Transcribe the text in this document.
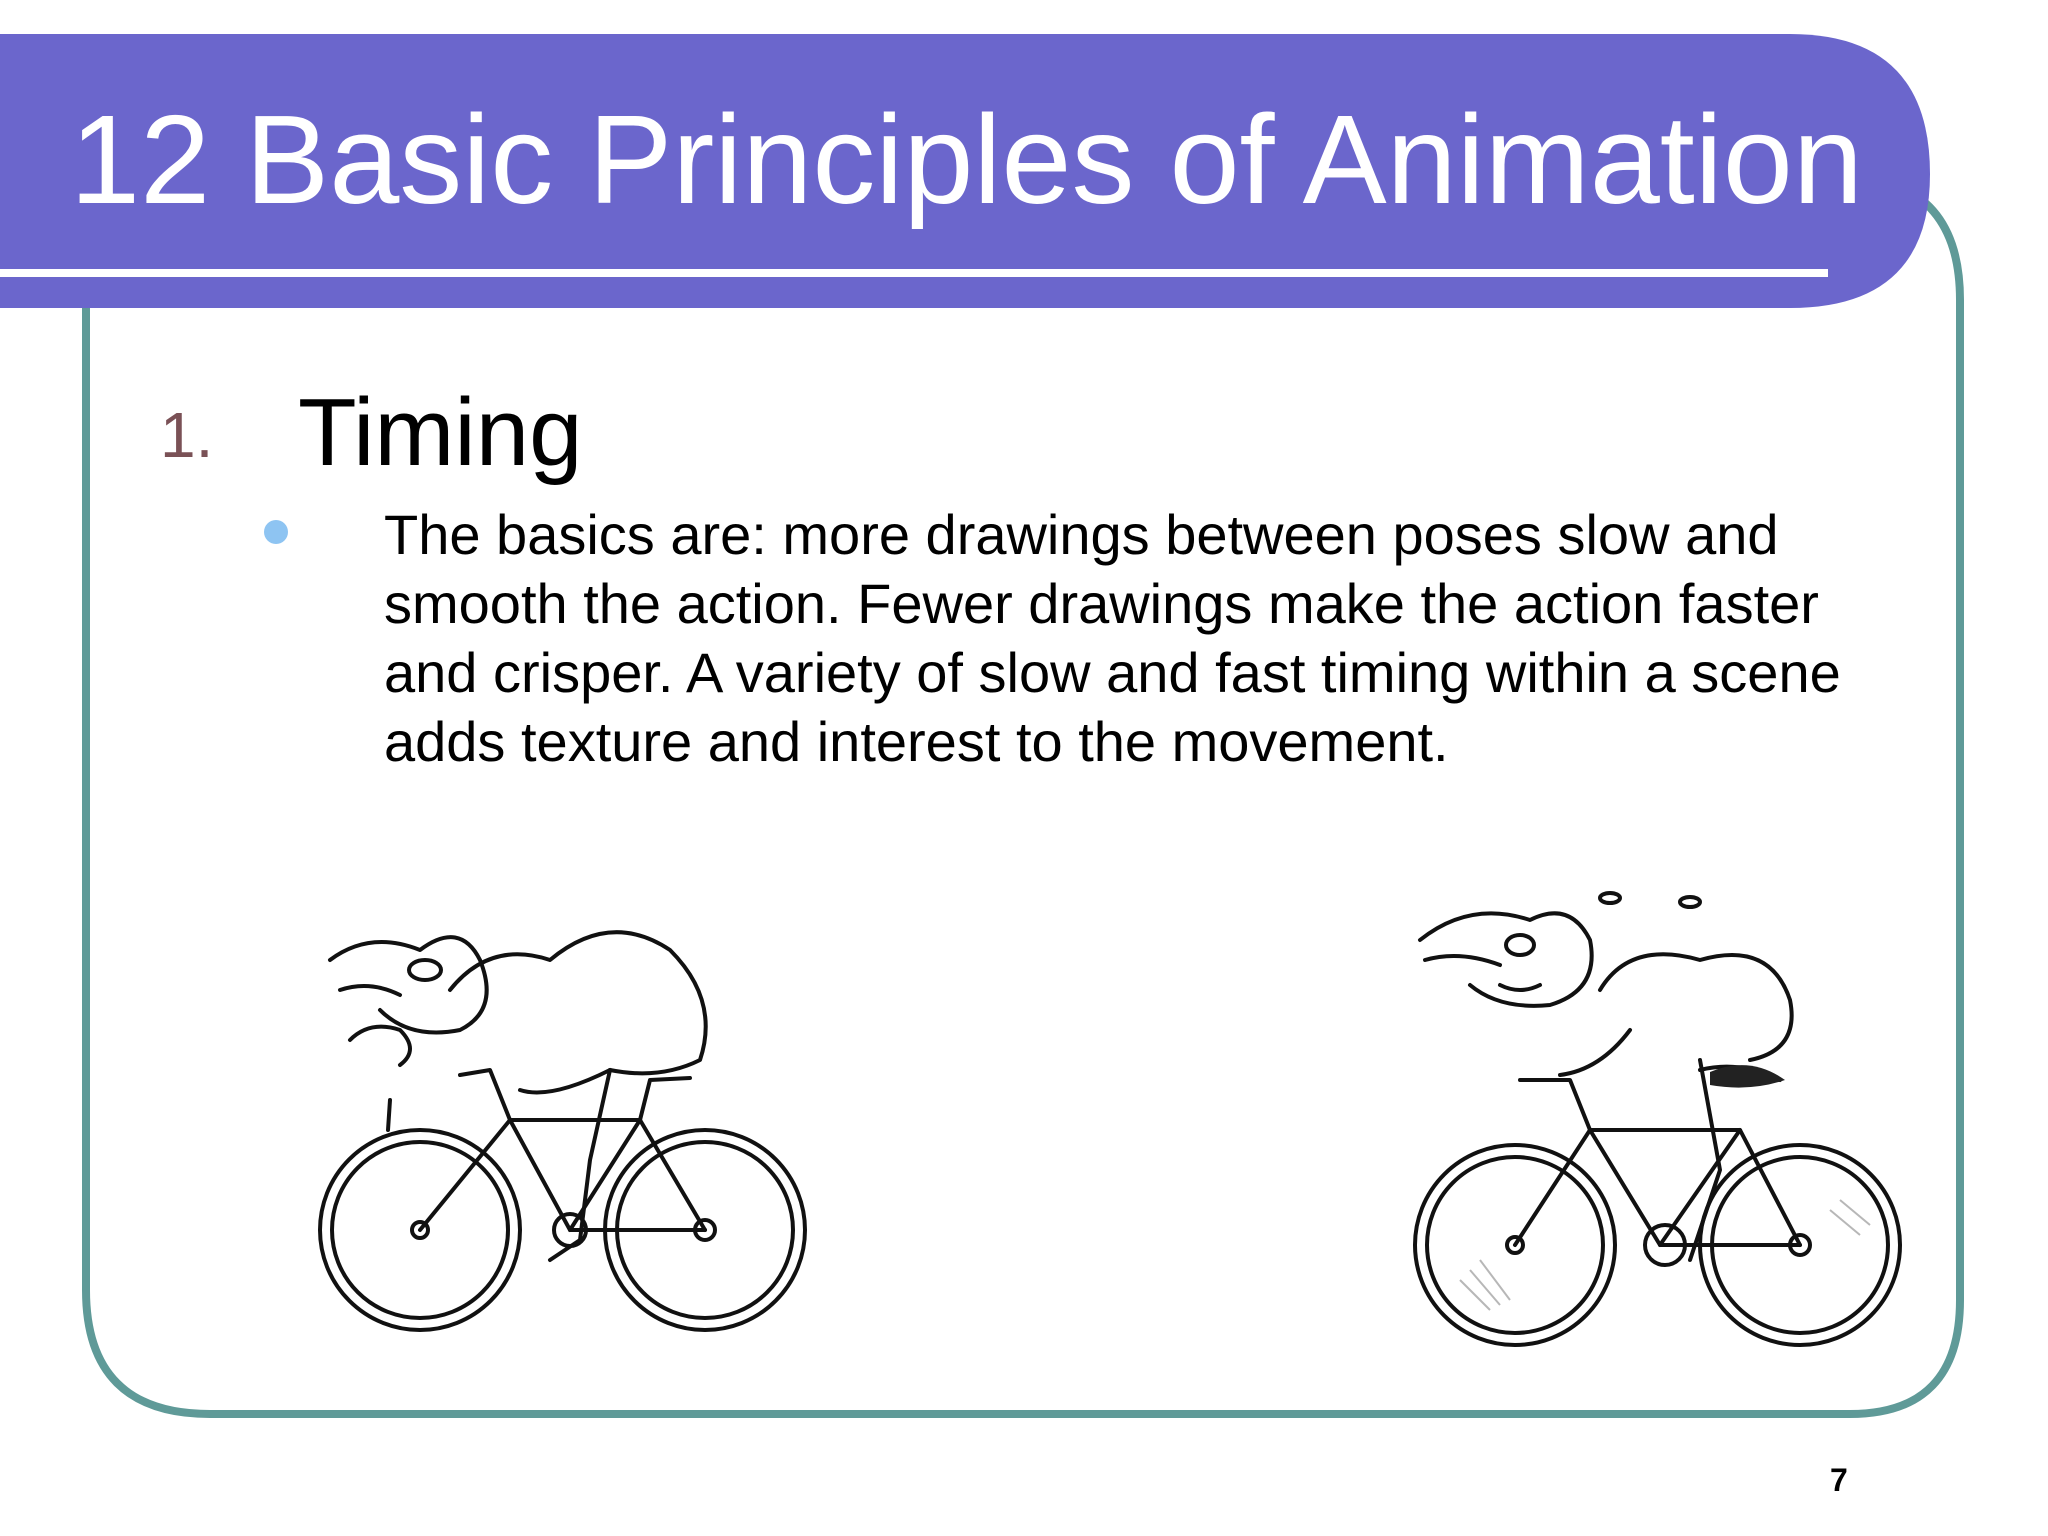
12 Basic Principles of Animation
1. Timing
The basics are: more drawings between poses slow and smooth the action. Fewer drawings make the action faster and crisper. A variety of slow and fast timing within a scene adds texture and interest to the movement.
7
